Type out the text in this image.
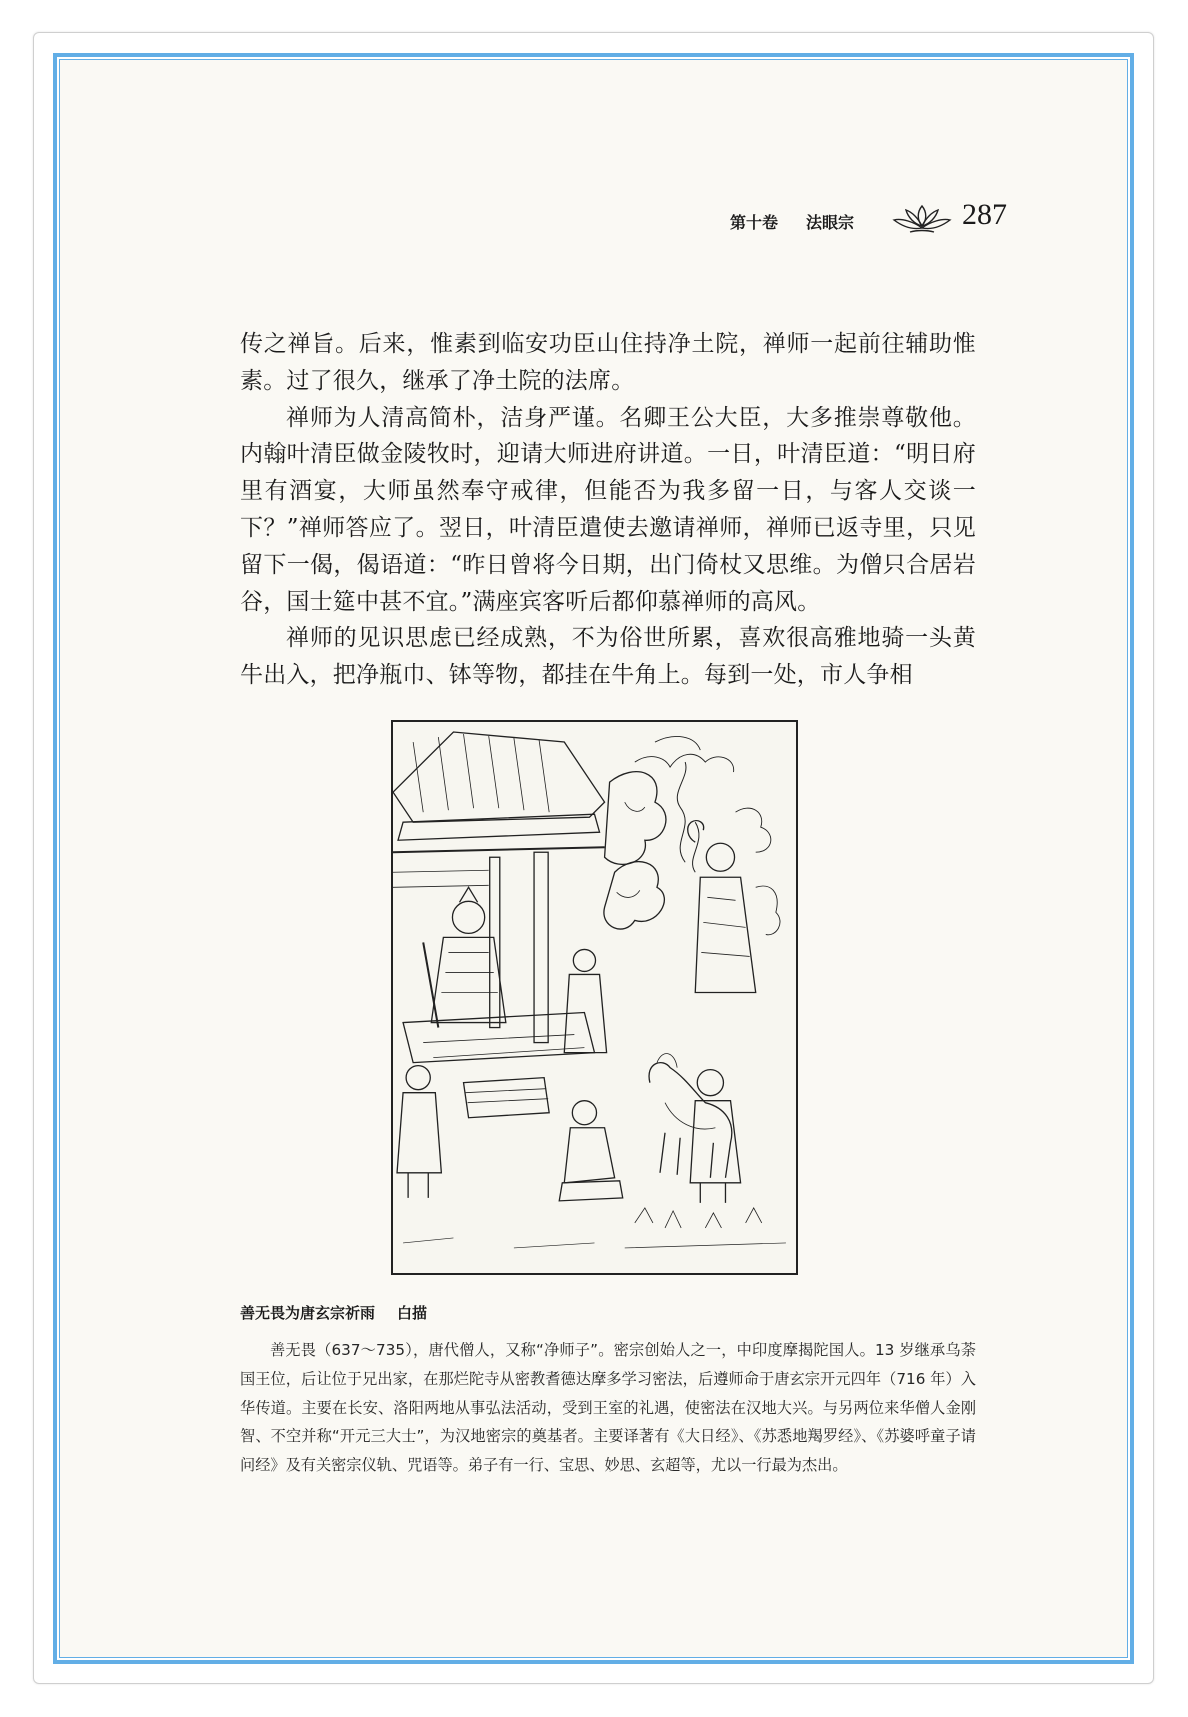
第十卷 法眼宗	287

传之禅旨。后来，惟素到临安功臣山住持净土院，禅师一起前往辅助惟素。过了很久，继承了净土院的法席。

禅师为人清高简朴，洁身严谨。名卿王公大臣，大多推崇尊敬他。内翰叶清臣做金陵牧时，迎请大师进府讲道。一日，叶清臣道：“明日府里有酒宴，大师虽然奉守戒律，但能否为我多留一日，与客人交谈一下？”禅师答应了。翌日，叶清臣遣使去邀请禅师，禅师已返寺里，只见留下一偈，偈语道：“昨日曾将今日期，出门倚杖又思维。为僧只合居岩谷，国士筵中甚不宜。”满座宾客听后都仰慕禅师的高风。

禅师的见识思虑已经成熟，不为俗世所累，喜欢很高雅地骑一头黄牛出入，把净瓶巾、钵等物，都挂在牛角上。每到一处，市人争相

善无畏为唐玄宗祈雨 白描

善无畏（637～735），唐代僧人，又称“净师子”。密宗创始人之一，中印度摩揭陀国人。13 岁继承乌荼国王位，后让位于兄出家，在那烂陀寺从密教耆德达摩多学习密法，后遵师命于唐玄宗开元四年（716 年）入华传道。主要在长安、洛阳两地从事弘法活动，受到王室的礼遇，使密法在汉地大兴。与另两位来华僧人金刚智、不空并称“开元三大士”，为汉地密宗的奠基者。主要译著有《大日经》、《苏悉地羯罗经》、《苏婆呼童子请问经》及有关密宗仪轨、咒语等。弟子有一行、宝思、妙思、玄超等，尤以一行最为杰出。
